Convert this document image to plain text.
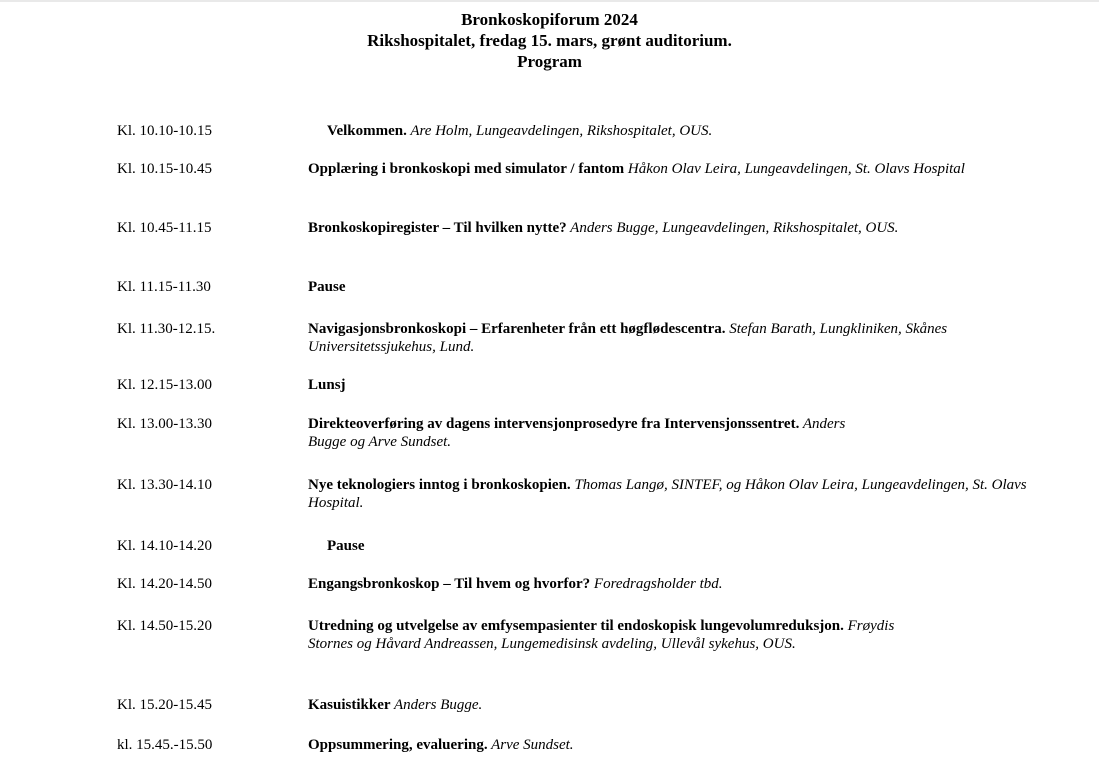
Bronkoskopiforum 2024
Rikshospitalet, fredag 15. mars, grønt auditorium.
Program
Kl. 10.10-10.15	Velkommen. Are Holm, Lungeavdelingen, Rikshospitalet, OUS.
Kl. 10.15-10.45	Opplæring i bronkoskopi med simulator / fantom Håkon Olav Leira, Lungeavdelingen, St. Olavs Hospital
Kl. 10.45-11.15	Bronkoskopiregister – Til hvilken nytte? Anders Bugge, Lungeavdelingen, Rikshospitalet, OUS.
Kl. 11.15-11.30	Pause
Kl. 11.30-12.15.	Navigasjonsbronkoskopi – Erfarenheter från ett høgflødescentra. Stefan Barath, Lungkliniken, Skånes Universitetssjukehus, Lund.
Kl. 12.15-13.00	Lunsj
Kl. 13.00-13.30	Direkteoverføring av dagens intervensjonprosedyre fra Intervensjonssentret. Anders Bugge og Arve Sundset.
Kl. 13.30-14.10	Nye teknologiers inntog i bronkoskopien. Thomas Langø, SINTEF, og Håkon Olav Leira, Lungeavdelingen, St. Olavs Hospital.
Kl. 14.10-14.20	Pause
Kl. 14.20-14.50	Engangsbronkoskop – Til hvem og hvorfor? Foredragsholder tbd.
Kl. 14.50-15.20	Utredning og utvelgelse av emfysempasienter til endoskopisk lungevolumreduksjon. Frøydis Stornes og Håvard Andreassen, Lungemedisinsk avdeling, Ullevål sykehus, OUS.
Kl. 15.20-15.45	Kasuistikker Anders Bugge.
kl. 15.45.-15.50	Oppsummering, evaluering. Arve Sundset.
